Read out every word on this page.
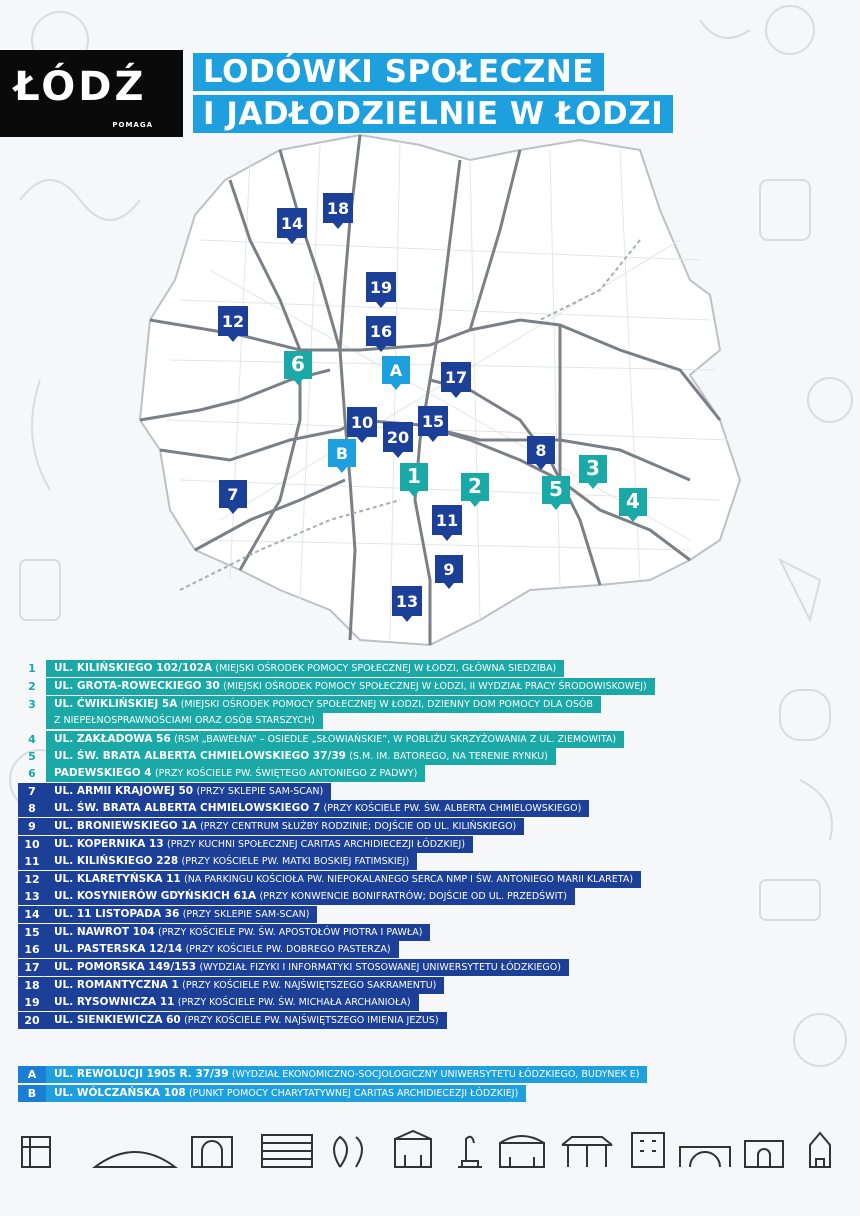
ŁÓDŹ
POMAGA
LODÓWKI SPOŁECZNE
I JADŁODZIELNIE W ŁODZI
14
18
19
12
16
6	A	17
10	15
20
B	8
3
1 2	5	4
7
11
9
13
1	UL. KILIŃSKIEGO 102/102A (MIEJSKI OŚRODEK POMOCY SPOŁECZNEJ W ŁODZI, GŁÓWNA SIEDZIBA)
2	UL. GROTA-ROWECKIEGO 30 (MIEJSKI OŚRODEK POMOCY SPOŁECZNEJ W ŁODZI, II WYDZIAŁ PRACY ŚRODOWISKOWEJ)
3	UL. ĆWIKLIŃSKIEJ 5A (MIEJSKI OŚRODEK POMOCY SPOŁECZNEJ W ŁODZI, DZIENNY DOM POMOCY DLA OSÓB
Z NIEPEŁNOSPRAWNOŚCIAMI ORAZ OSÓB STARSZYCH)
4	UL. ZAKŁADOWA 56 (RSM „BAWEŁNA” – OSIEDLE „SŁOWIAŃSKIE”, W POBLIŻU SKRZYŻOWANIA Z UL. ZIEMOWITA)
5	UL. ŚW. BRATA ALBERTA CHMIELOWSKIEGO 37/39 (S.M. IM. BATOREGO, NA TERENIE RYNKU)
6	PADEWSKIEGO 4 (PRZY KOŚCIELE PW. ŚWIĘTEGO ANTONIEGO Z PADWY)
7	UL. ARMII KRAJOWEJ 50 (PRZY SKLEPIE SAM-SCAN)
8	UL. ŚW. BRATA ALBERTA CHMIELOWSKIEGO 7 (PRZY KOŚCIELE PW. ŚW. ALBERTA CHMIELOWSKIEGO)
9	UL. BRONIEWSKIEGO 1A (PRZY CENTRUM SŁUŻBY RODZINIE; DOJŚCIE OD UL. KILIŃSKIEGO)
10	UL. KOPERNIKA 13 (PRZY KUCHNI SPOŁECZNEJ CARITAS ARCHIDIECEZJI ŁÓDZKIEJ)
11	UL. KILIŃSKIEGO 228 (PRZY KOŚCIELE PW. MATKI BOSKIEJ FATIMSKIEJ)
12	UL. KLARETYŃSKA 11 (NA PARKINGU KOŚCIOŁA PW. NIEPOKALANEGO SERCA NMP I ŚW. ANTONIEGO MARII KLARETA)
13	UL. KOSYNIERÓW GDYŃSKICH 61A (PRZY KONWENCIE BONIFRATRÓW; DOJŚCIE OD UL. PRZEDŚWIT)
14	UL. 11 LISTOPADA 36 (PRZY SKLEPIE SAM-SCAN)
15	UL. NAWROT 104 (PRZY KOŚCIELE PW. ŚW. APOSTOŁÓW PIOTRA I PAWŁA)
16	UL. PASTERSKA 12/14 (PRZY KOŚCIELE PW. DOBREGO PASTERZA)
17	UL. POMORSKA 149/153 (WYDZIAŁ FIZYKI I INFORMATYKI STOSOWANEJ UNIWERSYTETU ŁÓDZKIEGO)
18	UL. ROMANTYCZNA 1 (PRZY KOŚCIELE P.W. NAJŚWIĘTSZEGO SAKRAMENTU)
19	UL. RYSOWNICZA 11 (PRZY KOŚCIELE PW. ŚW. MICHAŁA ARCHANIOŁA)
20	UL. SIENKIEWICZA 60 (PRZY KOŚCIELE PW. NAJŚWIĘTSZEGO IMIENIA JEZUS)
A	UL. REWOLUCJI 1905 R. 37/39 (WYDZIAŁ EKONOMICZNO-SOCJOLOGICZNY UNIWERSYTETU ŁÓDZKIEGO, BUDYNEK E)
B	UL. WÓLCZAŃSKA 108 (PUNKT POMOCY CHARYTATYWNEJ CARITAS ARCHIDIECEZJI ŁÓDZKIEJ)
